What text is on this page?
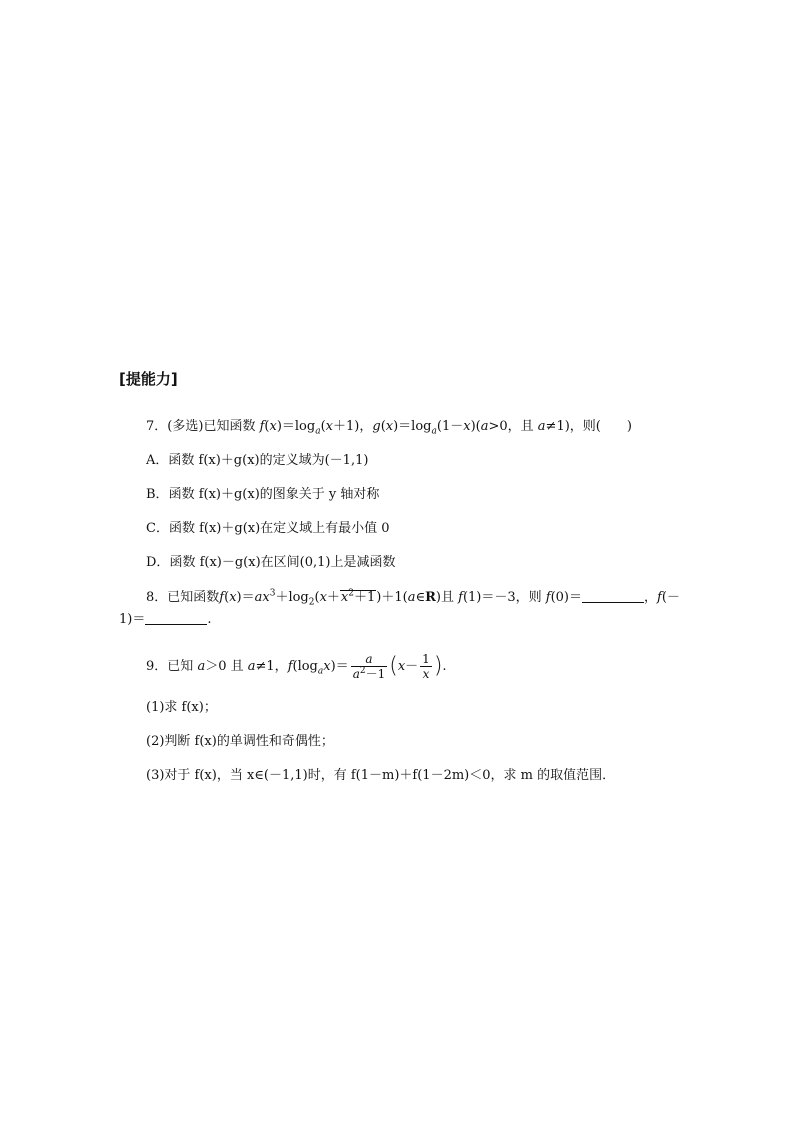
[提能力]
7．(多选)已知函数 $f(x)=\log_a(x+1)$，$g(x)=\log_a(1-x)(a>0$，且 a≠1)，则(　　)
A．函数 f(x)＋g(x)的定义域为(－1,1)
B．函数 f(x)＋g(x)的图象关于 y 轴对称
C．函数 f(x)＋g(x)在定义域上有最小值 0
D．函数 f(x)－g(x)在区间(0,1)上是减函数
8．已知函数$f(x)=ax^3+\log_2(x+x^2+1)+1(a\in R)$且 f(1)＝－3，则 f(0)＝	，f(－
1)＝	.
9．已知 a＞0 且 a≠1，$f(\log_ax)= \frac{a}{a^2-1} (x- \frac{1}{x}$ ).
(1)求 f(x)；
(2)判断 f(x)的单调性和奇偶性；
(3)对于 f(x)，当 x∈(－1,1)时，有 f(1－m)＋f(1－2m)＜0，求 m 的取值范围．
